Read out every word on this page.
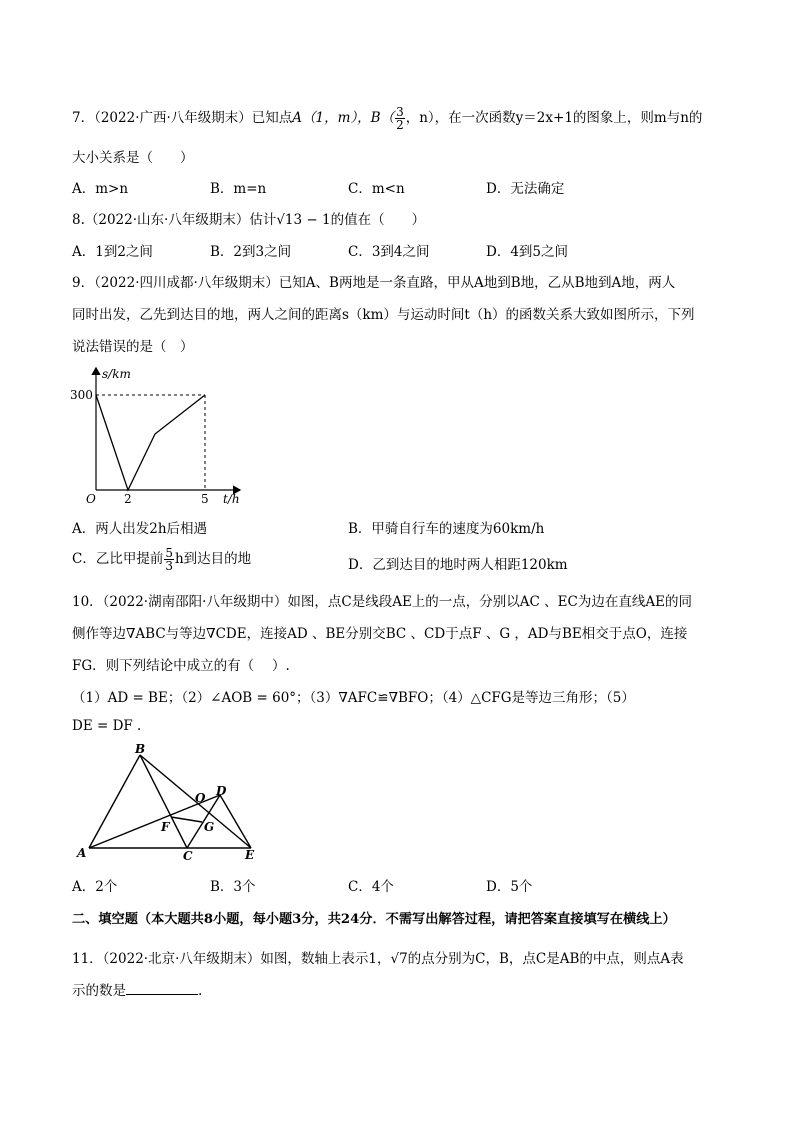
7．（2022·广西·八年级期末）已知点A（1，m），$B( \frac{3}{2}$ ，n），在一次函数y＝2x+1的图象上，则m与n的
大小关系是（　　）
A．m>n	B．m=n	C．m<n	D．无法确定
8.（2022·山东·八年级期末）估计√13 − 1的值在（　　）
A．1到2之间	B．2到3之间	C．3到4之间	D．4到5之间
9．（2022·四川成都·八年级期末）已知A、B两地是一条直路，甲从A地到B地，乙从B地到A地，两人
同时出发，乙先到达目的地，两人之间的距离s（km）与运动时间t（h）的函数关系大致如图所示，下列
说法错误的是（　）
s/km
300
O 2	5 t/h
A．两人出发2h后相遇	B．甲骑自行车的速度为60km/h
C．乙比甲提前 $\frac{5}{3}$ h到达目的地	D．乙到达目的地时两人相距120km
10．（2022·湖南邵阳·八年级期中）如图，点C是线段AE上的一点，分别以AC 、EC为边在直线AE的同
侧作等边∇ABC与等边∇CDE，连接AD 、BE分别交BC 、CD于点F 、G ，AD与BE相交于点O，连接
FG．则下列结论中成立的有（　 ）.
（1）AD = BE；（2）∠AOB = 60°；（3）∇AFC≌∇BFO；（4）△CFG是等边三角形；（5）
DE = DF .
B
D
O
F	G
A	C	E
A．2个	B．3个	C．4个	D．5个
二、填空题（本大题共8小题，每小题3分，共24分．不需写出解答过程，请把答案直接填写在横线上）
11．（2022·北京·八年级期末）如图，数轴上表示1，√7的点分别为C，B，点C是AB的中点，则点A表
示的数是	.
